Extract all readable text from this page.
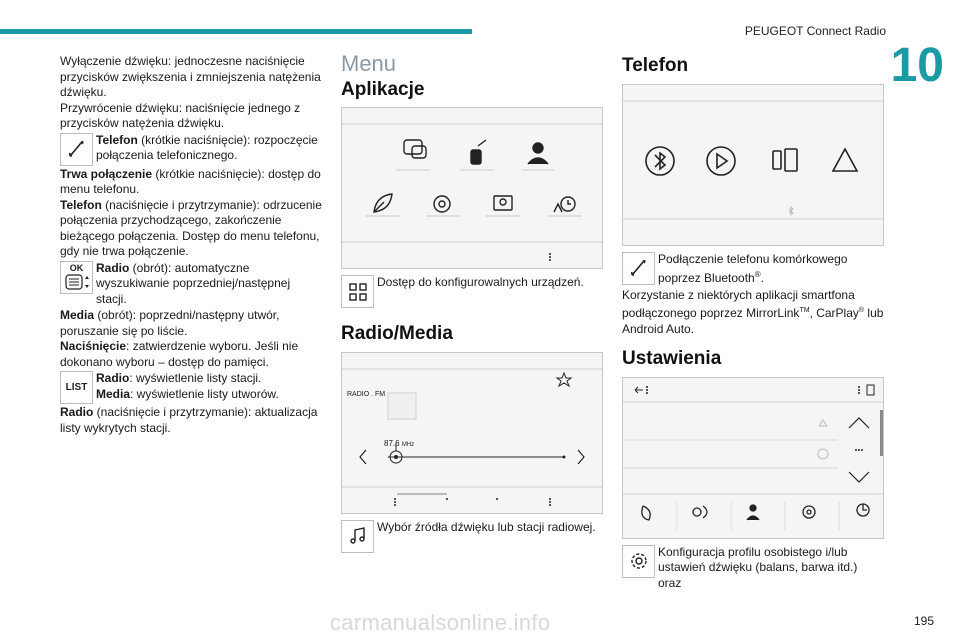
PEUGEOT Connect Radio
10
195
carmanualsonline.info

Wyłączenie dźwięku: jednoczesne naciśnięcie przycisków zwiększenia i zmniejszenia natężenia dźwięku.

Przywrócenie dźwięku: naciśnięcie jednego z przycisków natężenia dźwięku.

Telefon (krótkie naciśnięcie): rozpoczęcie połączenia telefonicznego.

Trwa połączenie (krótkie naciśnięcie): dostęp do menu telefonu.

Telefon (naciśnięcie i przytrzymanie): odrzucenie połączenia przychodzącego, zakończenie bieżącego połączenia. Dostęp do menu telefonu, gdy nie trwa połączenie.

OK Radio (obrót): automatyczne wyszukiwanie poprzedniej/następnej stacji.

Media (obrót): poprzedni/następny utwór, poruszanie się po liście.

Naciśnięcie: zatwierdzenie wyboru. Jeśli nie dokonano wyboru – dostęp do pamięci.

LIST
Radio: wyświetlenie listy stacji.
Media: wyświetlenie listy utworów.

Radio (naciśnięcie i przytrzymanie): aktualizacja listy wykrytych stacji.

Menu
Aplikacje
Dostęp do konfigurowalnych urządzeń.
Radio/Media
RADIO . FM
87.6 MHz
Wybór źródła dźwięku lub stacji radiowej.
Telefon
Podłączenie telefonu komórkowego poprzez Bluetooth®.

Korzystanie z niektórych aplikacji smartfona podłączonego poprzez MirrorLink™, CarPlay® lub Android Auto.

Ustawienia
Konfiguracja profilu osobistego i/lub ustawień dźwięku (balans, barwa itd.) oraz
